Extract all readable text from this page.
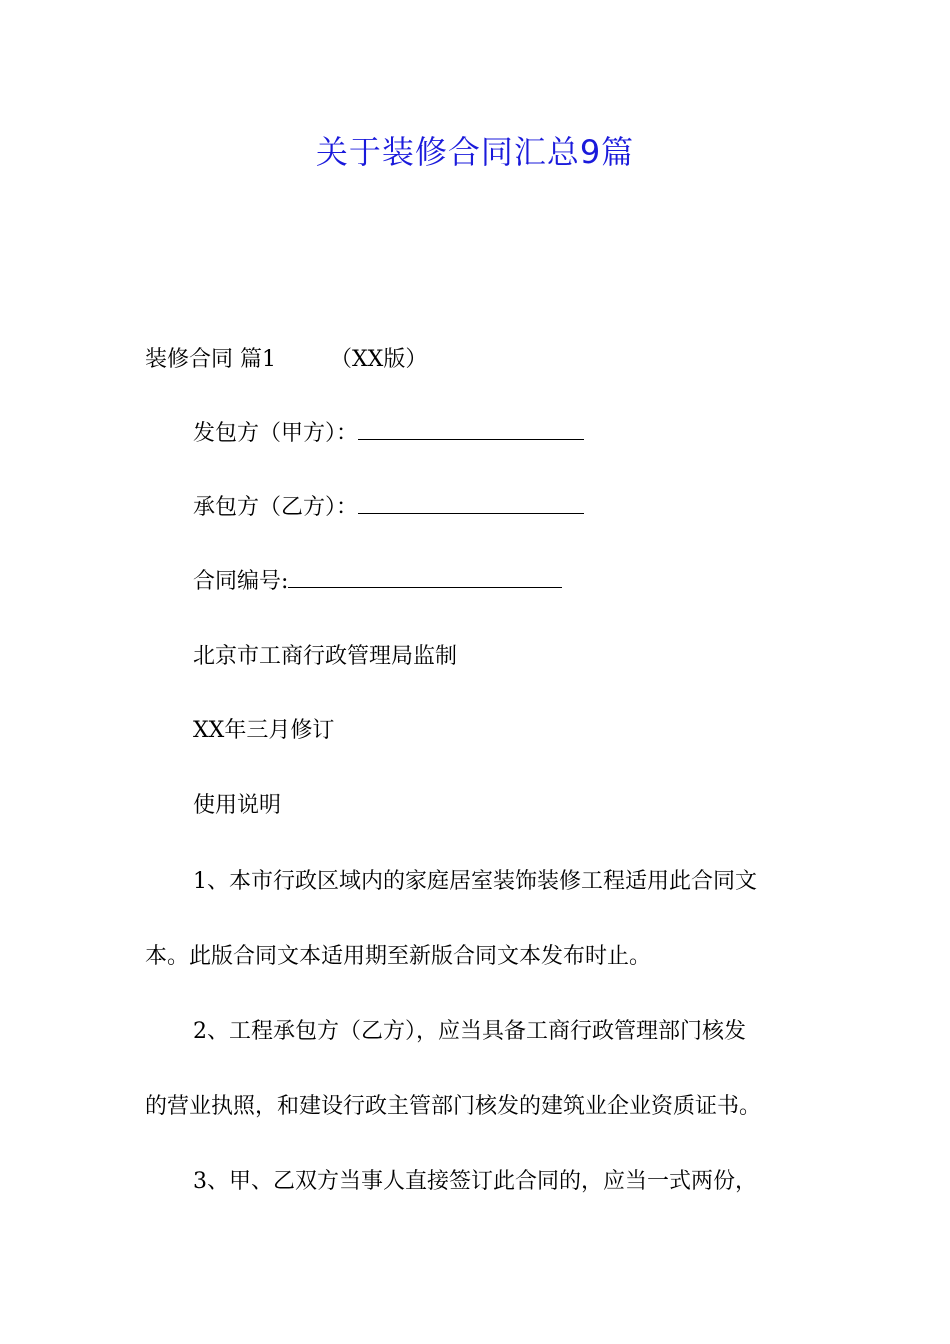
关于装修合同汇总9篇
装修合同 篇1 （XX版）
发包方（甲方）：
承包方（乙方）：
合同编号:
北京市工商行政管理局监制
XX年三月修订
使用说明
1、本市行政区域内的家庭居室装饰装修工程适用此合同文
本。此版合同文本适用期至新版合同文本发布时止。
2、工程承包方（乙方），应当具备工商行政管理部门核发
的营业执照，和建设行政主管部门核发的建筑业企业资质证书。
3、甲、乙双方当事人直接签订此合同的，应当一式两份，
